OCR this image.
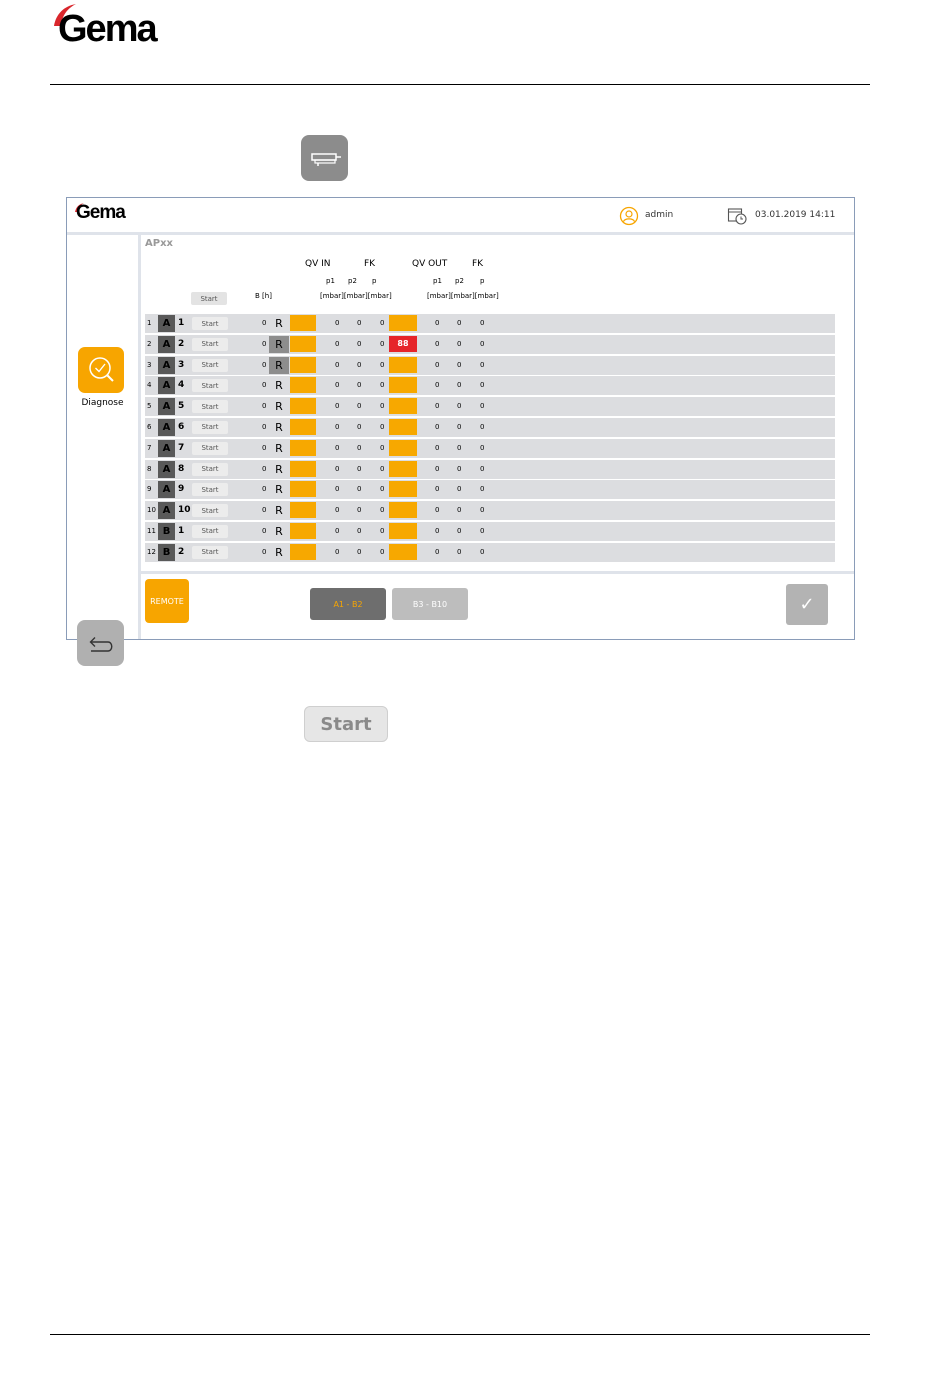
Gema
Gema	admin	03.01.2019 14:11
Diagnose
APxx
QV IN	FK	QV OUT	FK
p1 p2 p	p1 p2 p
Start	B [h]	[mbar][mbar][mbar]	[mbar][mbar][mbar]
1	A 1	Start	0 R	0	0	0	0	0	0
2	A 2	Start	0 R	0	0	0	88	0	0	0
3	A 3	Start	0 R	0	0	0	0	0	0
4	A 4	Start	0 R	0	0	0	0	0	0
5	A 5	Start	0 R	0	0	0	0	0	0
6	A 6	Start	0 R	0	0	0	0	0	0
7	A 7	Start	0 R	0	0	0	0	0	0
8	A 8	Start	0 R	0	0	0	0	0	0
9	A 9	Start	0 R	0	0	0	0	0	0
10 A 10	Start	0 R	0	0	0	0	0	0
11 B 1	Start	0 R	0	0	0	0	0	0
12 B 2	Start	0 R	0	0	0	0	0	0
REMOTE	A1 - B2	B3 - B10	✓
Start
